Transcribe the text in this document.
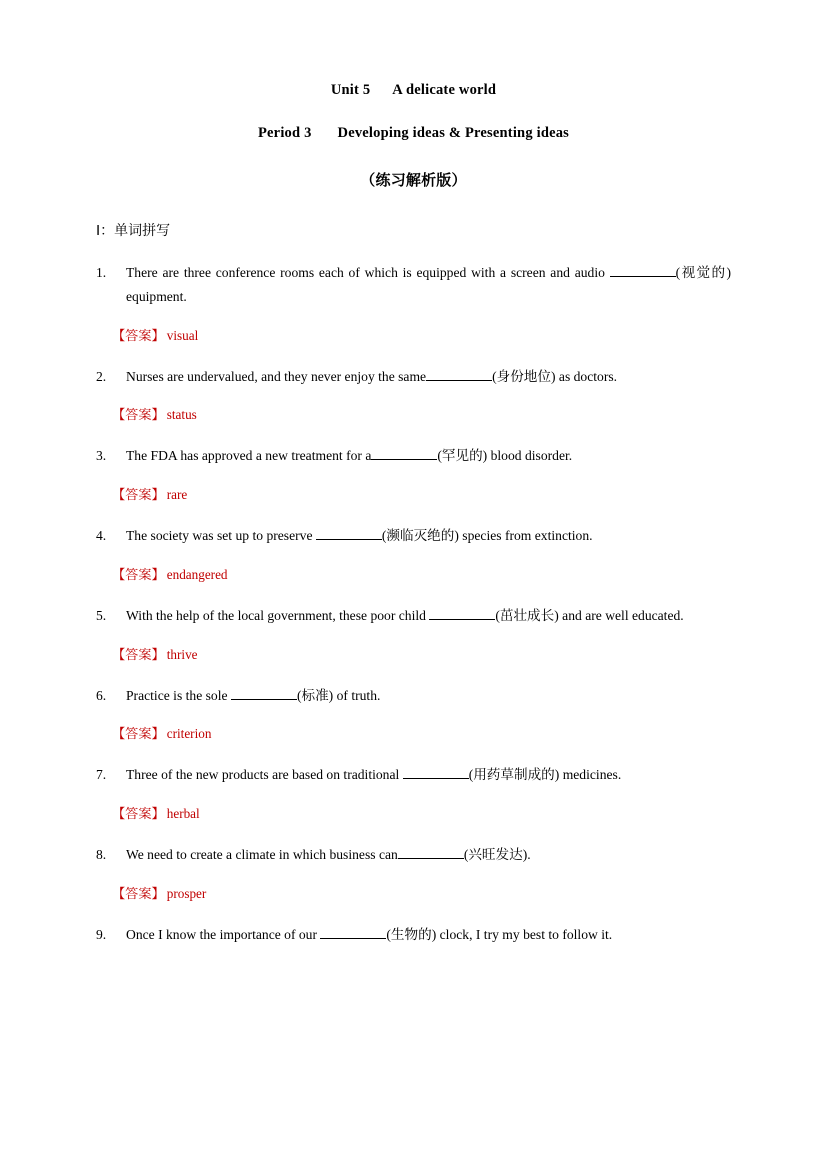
Unit 5 A delicate world
Period 3 Developing ideas & Presenting ideas
（练习解析版）
Ⅰ：单词拼写
1.	There are three conference rooms each of which is equipped with a screen and audio	(视觉的) equipment.
【答案】 visual
2.	Nurses are undervalued, and they never enjoy the same	(身份地位) as doctors.
【答案】 status
3.	The FDA has approved a new treatment for a	(罕见的) blood disorder.
【答案】 rare
4.	The society was set up to preserve	(濒临灭绝的) species from extinction.
【答案】 endangered
5.	With the help of the local government, these poor child	(茁壮成长) and are well educated.
【答案】 thrive
6.	Practice is the sole	(标准) of truth.
【答案】 criterion
7.	Three of the new products are based on traditional	(用药草制成的) medicines.
【答案】 herbal
8.	We need to create a climate in which business can	(兴旺发达).
【答案】 prosper
9.	Once I know the importance of our	(生物的) clock, I try my best to follow it.
